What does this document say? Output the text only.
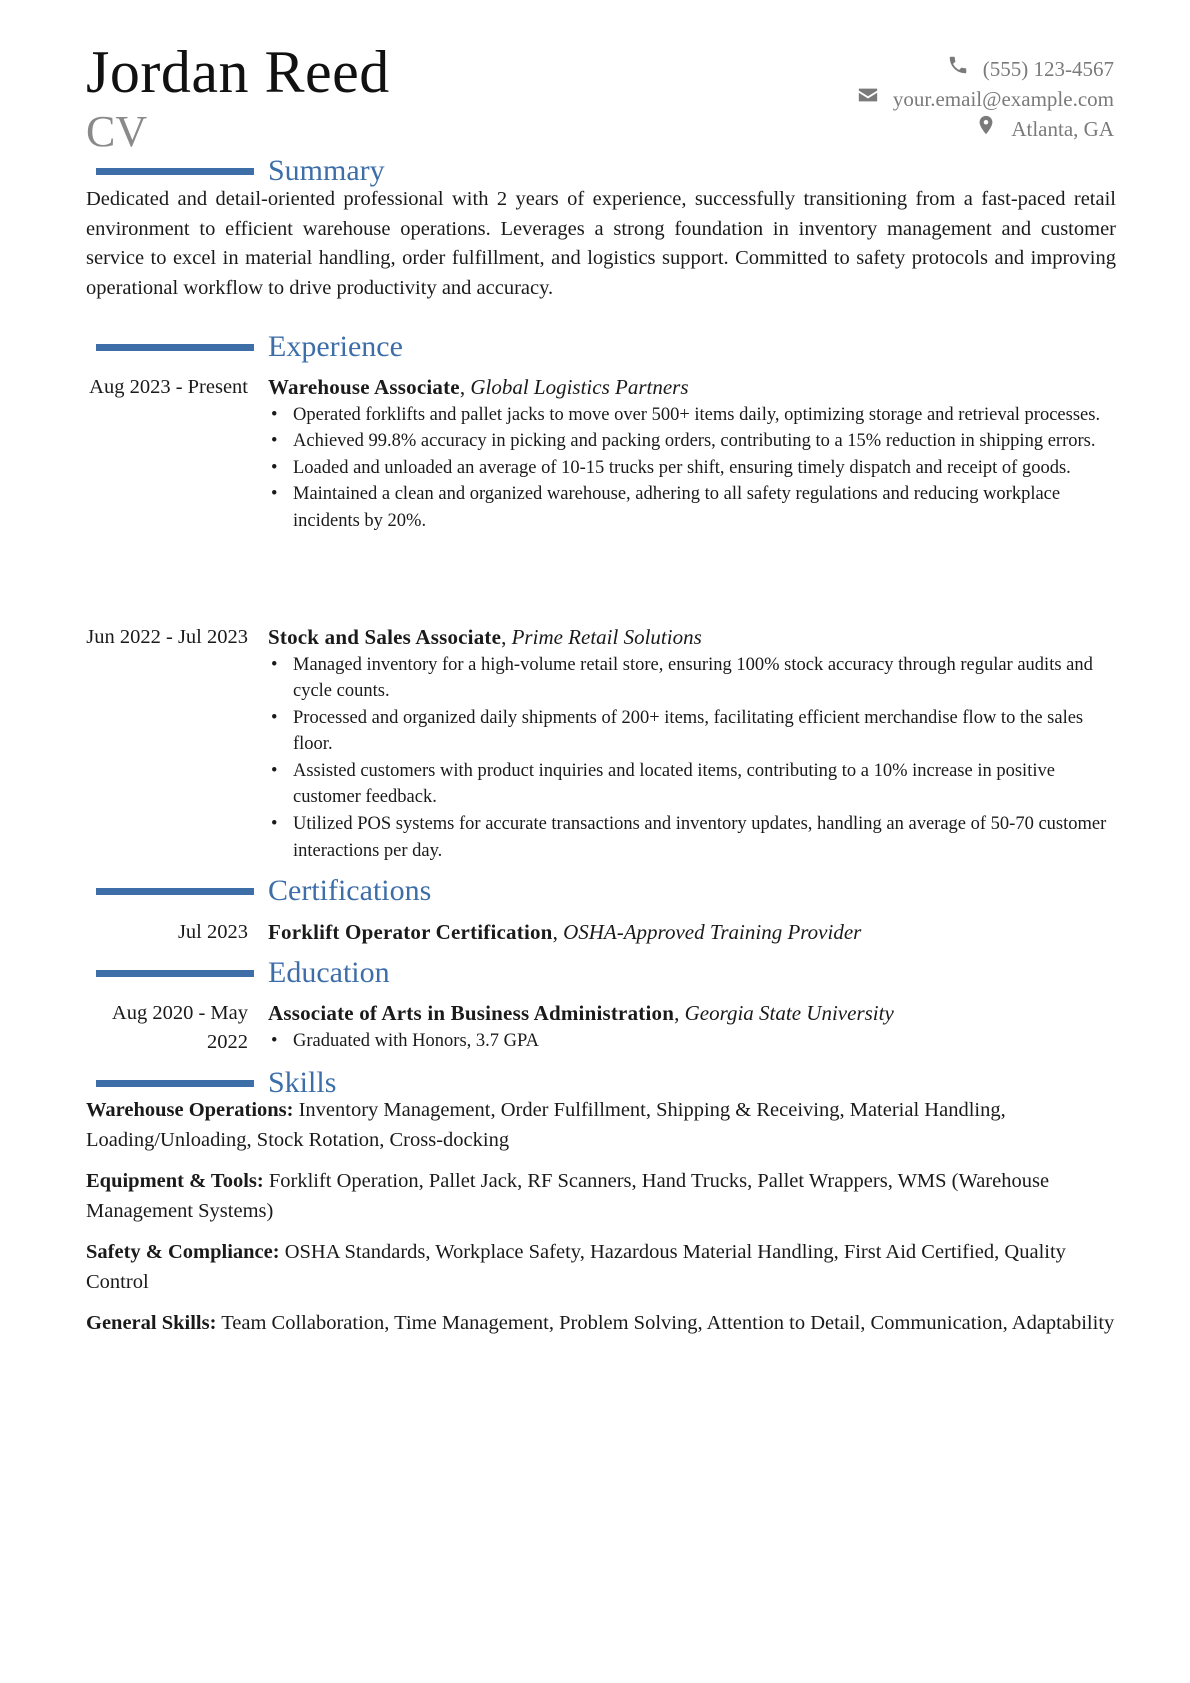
Jordan Reed
CV
(555) 123-4567
your.email@example.com
Atlanta, GA
Summary
Dedicated and detail-oriented professional with 2 years of experience, successfully transitioning from a fast-paced retail environment to efficient warehouse operations. Leverages a strong foundation in inventory management and customer service to excel in material handling, order fulfillment, and logistics support. Committed to safety protocols and improving operational workflow to drive productivity and accuracy.
Experience
Aug 2023 - Present Warehouse Associate, Global Logistics Partners
• Operated forklifts and pallet jacks to move over 500+ items daily, optimizing storage and retrieval processes.
• Achieved 99.8% accuracy in picking and packing orders, contributing to a 15% reduction in shipping errors.
• Loaded and unloaded an average of 10-15 trucks per shift, ensuring timely dispatch and receipt of goods.
• Maintained a clean and organized warehouse, adhering to all safety regulations and reducing workplace incidents by 20%.
Jun 2022 - Jul 2023 Stock and Sales Associate, Prime Retail Solutions
• Managed inventory for a high-volume retail store, ensuring 100% stock accuracy through regular audits and cycle counts.
• Processed and organized daily shipments of 200+ items, facilitating efficient merchandise flow to the sales floor.
• Assisted customers with product inquiries and located items, contributing to a 10% increase in positive customer feedback.
• Utilized POS systems for accurate transactions and inventory updates, handling an average of 50-70 customer interactions per day.
Certifications
Jul 2023 Forklift Operator Certification, OSHA-Approved Training Provider
Education
Aug 2020 - May 2022
Associate of Arts in Business Administration, Georgia State University
• Graduated with Honors, 3.7 GPA
Skills
Warehouse Operations: Inventory Management, Order Fulfillment, Shipping & Receiving, Material Handling, Loading/Unloading, Stock Rotation, Cross-docking
Equipment & Tools: Forklift Operation, Pallet Jack, RF Scanners, Hand Trucks, Pallet Wrappers, WMS (Warehouse Management Systems)
Safety & Compliance: OSHA Standards, Workplace Safety, Hazardous Material Handling, First Aid Certified, Quality Control
General Skills: Team Collaboration, Time Management, Problem Solving, Attention to Detail, Communication, Adaptability
